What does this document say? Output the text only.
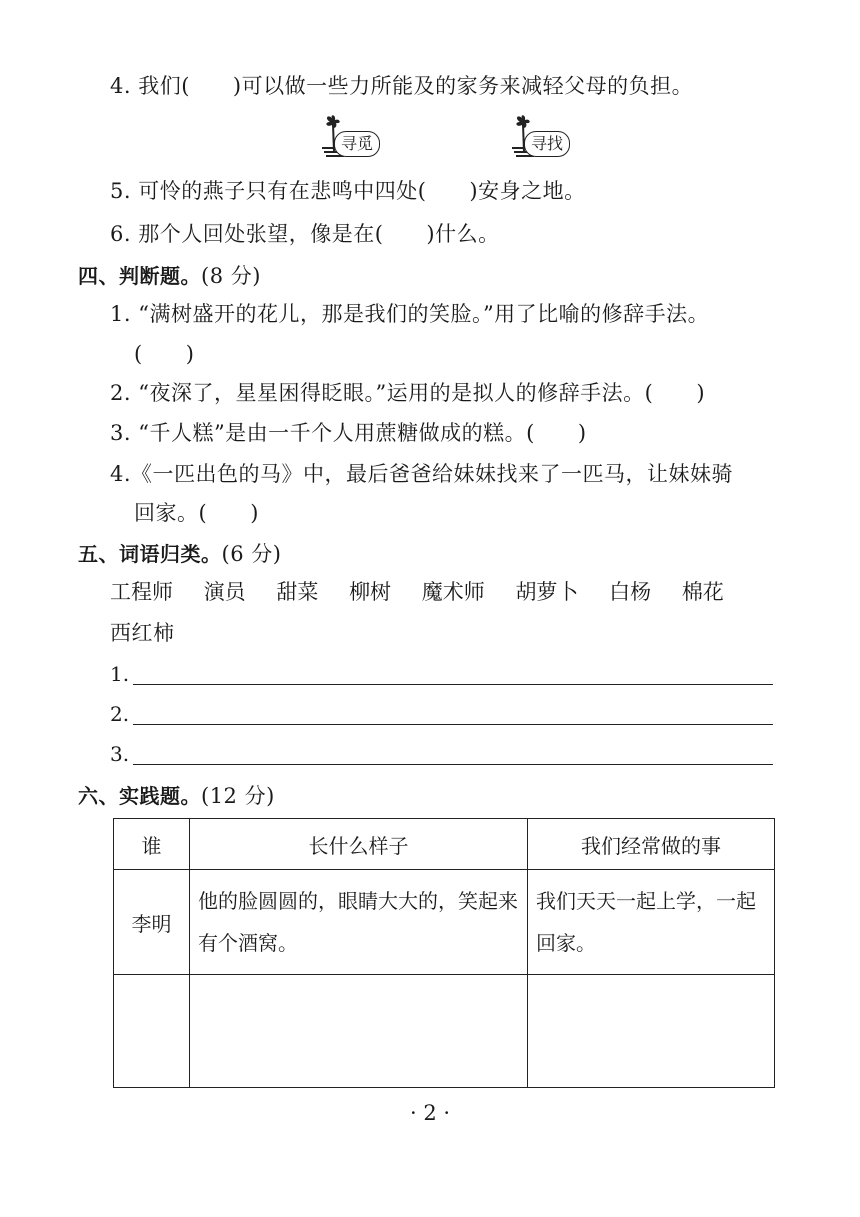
4. 我们(　　)可以做一些力所能及的家务来减轻父母的负担。
寻觅	寻找
5. 可怜的燕子只有在悲鸣中四处(　　)安身之地。
6. 那个人回处张望，像是在(　　)什么。
四、判断题。(8 分)
1. “满树盛开的花儿，那是我们的笑脸。”用了比喻的修辞手法。
(　　)
2. “夜深了，星星困得眨眼。”运用的是拟人的修辞手法。(　　)
3. “千人糕”是由一千个人用蔗糖做成的糕。(　　)
4.《一匹出色的马》中，最后爸爸给妹妹找来了一匹马，让妹妹骑
回家。(　　)
五、词语归类。(6 分)
工程师 演员 甜菜 柳树 魔术师 胡萝卜 白杨 棉花
西红柿
1.
2.
3.
六、实践题。(12 分)
谁	长什么样子	我们经常做的事
李明	他的脸圆圆的，眼睛大大的，笑起来有个酒窝。	我们天天一起上学，一起回家。

· 2 ·
